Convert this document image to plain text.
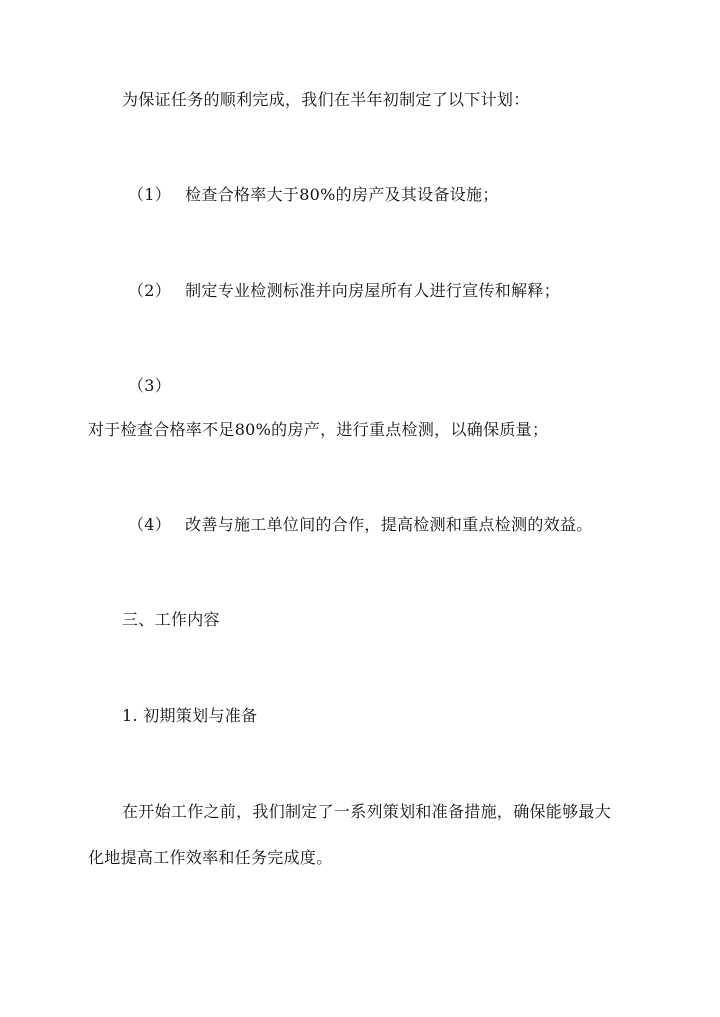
为保证任务的顺利完成，我们在半年初制定了以下计划：
（1） 检查合格率大于80%的房产及其设备设施；
（2） 制定专业检测标准并向房屋所有人进行宣传和解释；
（3）
对于检查合格率不足80%的房产，进行重点检测，以确保质量；
（4） 改善与施工单位间的合作，提高检测和重点检测的效益。
三、工作内容
1. 初期策划与准备
在开始工作之前，我们制定了一系列策划和准备措施，确保能够最大
化地提高工作效率和任务完成度。
